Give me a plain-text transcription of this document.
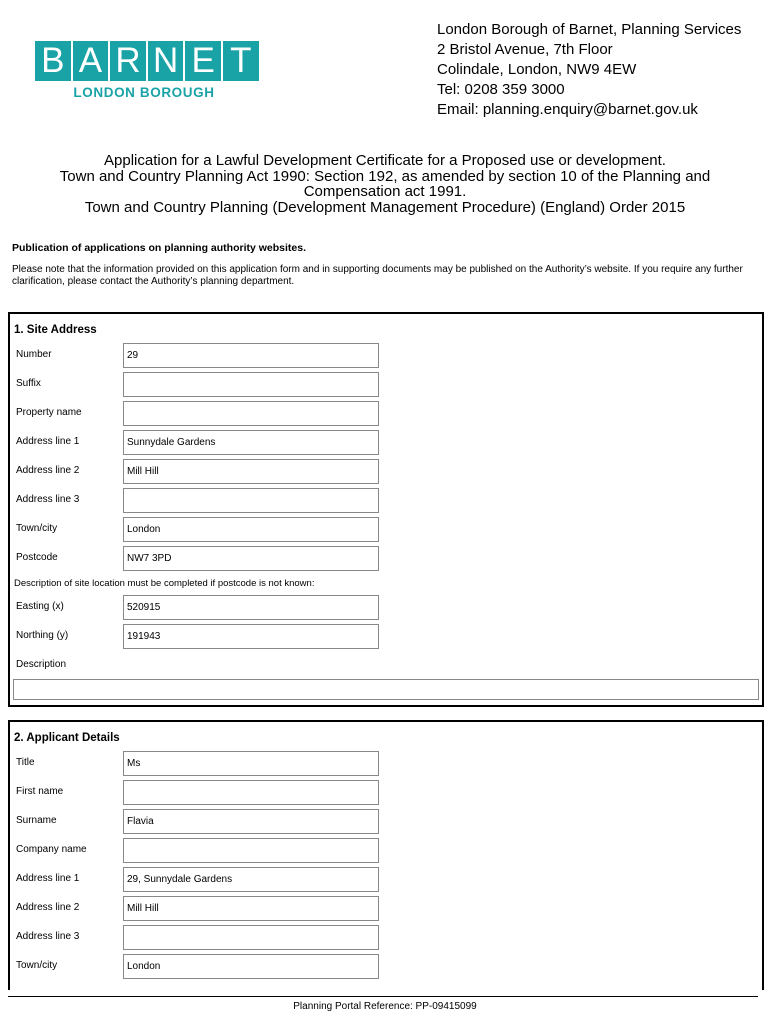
B A R N E T
LONDON BOROUGH
London Borough of Barnet, Planning Services
2 Bristol Avenue, 7th Floor
Colindale, London, NW9 4EW
Tel: 0208 359 3000
Email: planning.enquiry@barnet.gov.uk
Application for a Lawful Development Certificate for a Proposed use or development.
Town and Country Planning Act 1990: Section 192, as amended by section 10 of the Planning and
Compensation act 1991.
Town and Country Planning (Development Management Procedure) (England) Order 2015
Publication of applications on planning authority websites.
Please note that the information provided on this application form and in supporting documents may be published on the Authority’s website. If you require any further clarification, please contact the Authority’s planning department.
1. Site Address
Number	29
Suffix
Property name
Address line 1	Sunnydale Gardens
Address line 2	Mill Hill
Address line 3
Town/city	London
Postcode	NW7 3PD
Description of site location must be completed if postcode is not known:
Easting (x)	520915
Northing (y)	191943
Description
2. Applicant Details
Title	Ms
First name
Surname	Flavia
Company name
Address line 1	29, Sunnydale Gardens
Address line 2	Mill Hill
Address line 3
Town/city	London
Planning Portal Reference: PP-09415099
